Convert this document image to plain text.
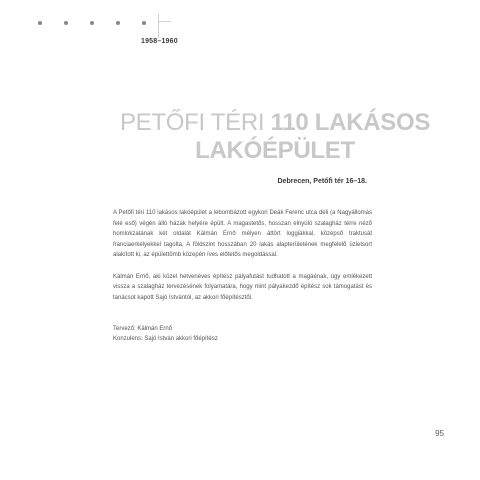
1958–1960
PETŐFI TÉRI 110 LAKÁSOS
LAKÓÉPÜLET
Debrecen, Petőfi tér 16–18.

A Petőfi téri 110 lakásos lakóépület a lebombázott egykori Deák Ferenc utca déli (a Nagyállomás felé eső) végén álló házak helyére épült. A magastetős, hosszan elnyúló szalagház térre néző homlokzatának két oldalát Kálmán Ernő mélyen áttört loggiákkal, középső traktusát franciaerkélyekkel tagolta. A földszint hosszában 20 lakás alapterületének megfelelő üzletsort alakított ki, az épülettömb közepén íves előtetős megoldással.

Kálmán Ernő, aki közel hetvenéves építész pályafutást tudhatott a magáénak, úgy emlékezett vissza a szalagház tervezésének folyamatára, hogy mint pályakezdő építész sok támogatást és tanácsot kapott Sajó Istvántól, az akkori főépítésztől.

Tervező: Kálmán Ernő
Konzulens: Sajó István akkori főépítész
95
